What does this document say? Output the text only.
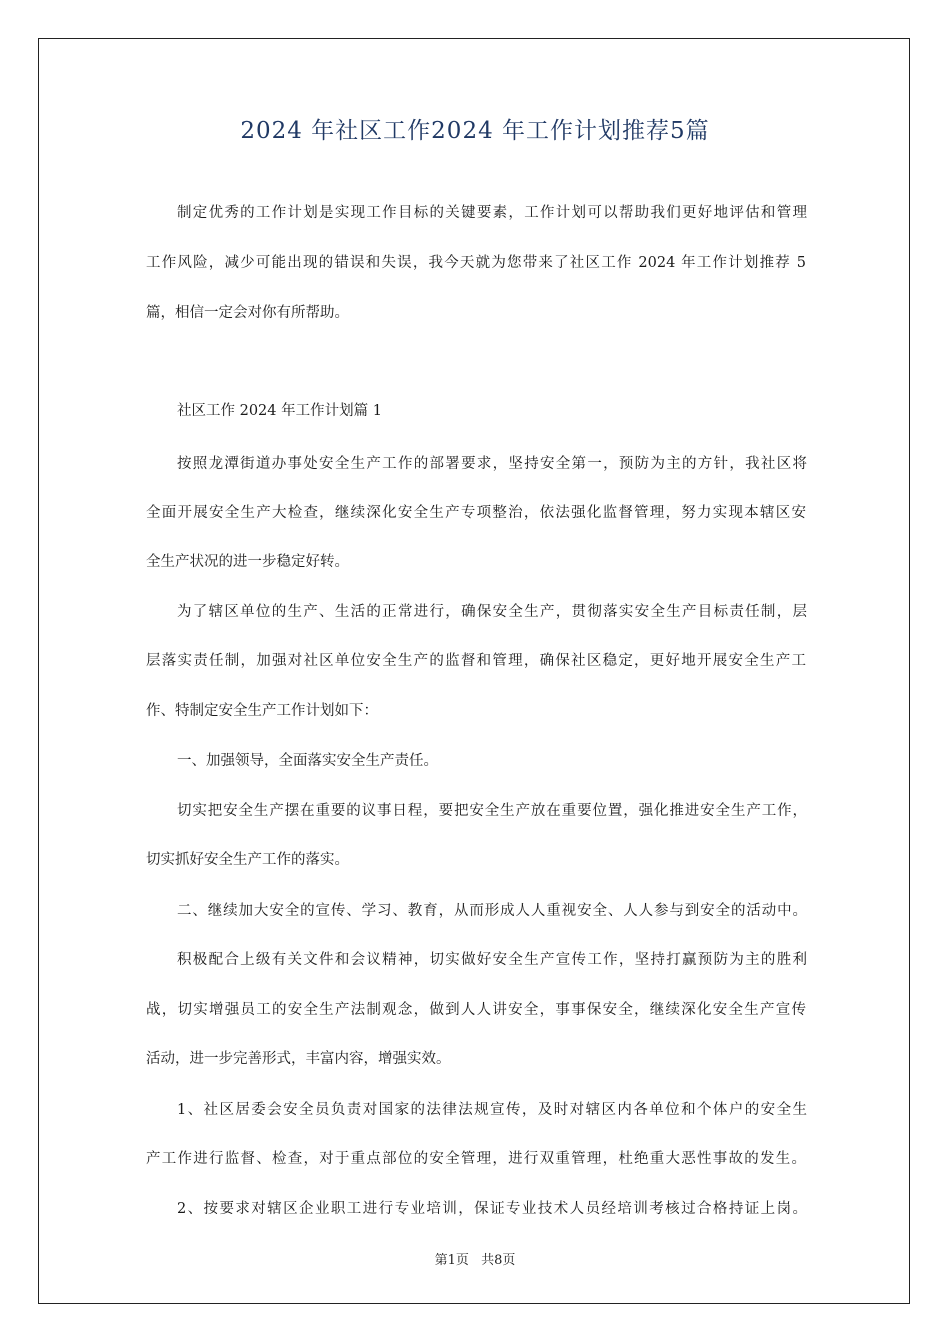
2024 年社区工作2024 年工作计划推荐5篇
制定优秀的工作计划是实现工作目标的关键要素，工作计划可以帮助我们更好地评估和管理
工作风险，减少可能出现的错误和失误，我今天就为您带来了社区工作 2024 年工作计划推荐 5
篇，相信一定会对你有所帮助。
社区工作 2024 年工作计划篇 1
按照龙潭街道办事处安全生产工作的部署要求，坚持安全第一，预防为主的方针，我社区将
全面开展安全生产大检查，继续深化安全生产专项整治，依法强化监督管理，努力实现本辖区安
全生产状况的进一步稳定好转。
为了辖区单位的生产、生活的正常进行，确保安全生产，贯彻落实安全生产目标责任制，层
层落实责任制，加强对社区单位安全生产的监督和管理，确保社区稳定，更好地开展安全生产工
作、特制定安全生产工作计划如下：
一、加强领导，全面落实安全生产责任。
切实把安全生产摆在重要的议事日程，要把安全生产放在重要位置，强化推进安全生产工作，
切实抓好安全生产工作的落实。
二、继续加大安全的宣传、学习、教育，从而形成人人重视安全、人人参与到安全的活动中。
积极配合上级有关文件和会议精神，切实做好安全生产宣传工作，坚持打赢预防为主的胜利
战，切实增强员工的安全生产法制观念，做到人人讲安全，事事保安全，继续深化安全生产宣传
活动，进一步完善形式，丰富内容，增强实效。
1、社区居委会安全员负责对国家的法律法规宣传，及时对辖区内各单位和个体户的安全生
产工作进行监督、检查，对于重点部位的安全管理，进行双重管理，杜绝重大恶性事故的发生。
2、按要求对辖区企业职工进行专业培训，保证专业技术人员经培训考核过合格持证上岗。
第1页 共8页
